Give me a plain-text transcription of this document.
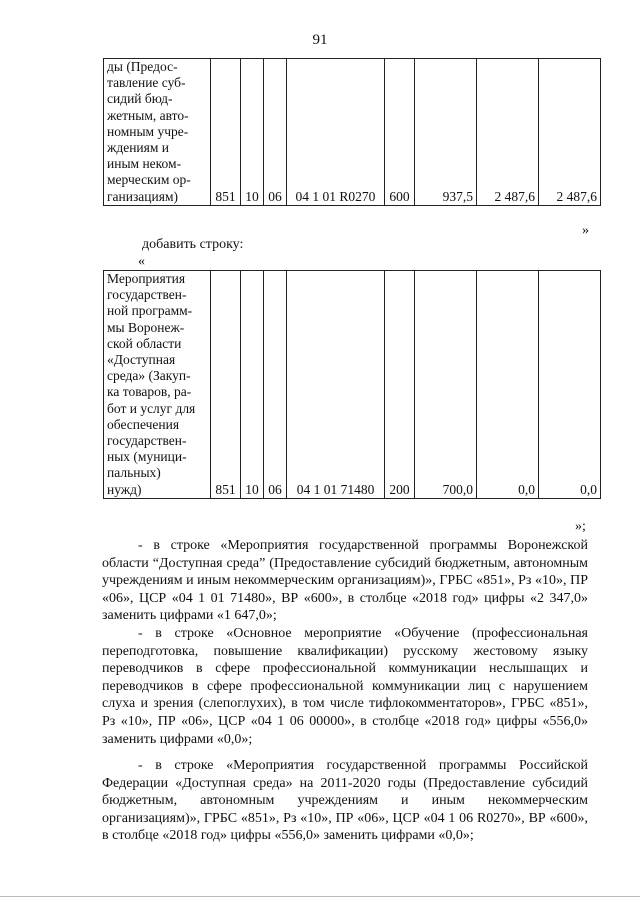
91
ды (Предос-
тавление суб-
сидий бюд-
жетным, авто-
номным учре-
ждениям и
иным неком-
мерческим ор-
ганизациям)	851	10	06	04 1 01 R0270	600	937,5	2 487,6	2 487,6
»
добавить строку:
«
Мероприятия
государствен-
ной программ-
мы Воронеж-
ской области
«Доступная
среда» (Закуп-
ка товаров, ра-
бот и услуг для
обеспечения
государствен-
ных (муници-
пальных)
нужд)	851	10	06	04 1 01 71480	200	700,0	0,0	0,0
»;
- в строке «Мероприятия государственной программы Воронежской области “Доступная среда” (Предоставление субсидий бюджетным, автономным учреждениям и иным некоммерческим организациям)», ГРБС «851», Рз «10», ПР «06», ЦСР «04 1 01 71480», ВР «600», в столбце «2018 год» цифры «2 347,0» заменить цифрами «1 647,0»;
- в строке «Основное мероприятие «Обучение (профессиональная переподготовка, повышение квалификации) русскому жестовому языку переводчиков в сфере профессиональной коммуникации неслышащих и переводчиков в сфере профессиональной коммуникации лиц с нарушением слуха и зрения (слепоглухих), в том числе тифлокомментаторов», ГРБС «851», Рз «10», ПР «06», ЦСР «04 1 06 00000», в столбце «2018 год» цифры «556,0» заменить цифрами «0,0»;
- в строке «Мероприятия государственной программы Российской Федерации «Доступная среда» на 2011-2020 годы (Предоставление субсидий бюджетным, автономным учреждениям и иным некоммерческим организациям)», ГРБС «851», Рз «10», ПР «06», ЦСР «04 1 06 R0270», ВР «600», в столбце «2018 год» цифры «556,0» заменить цифрами «0,0»;
